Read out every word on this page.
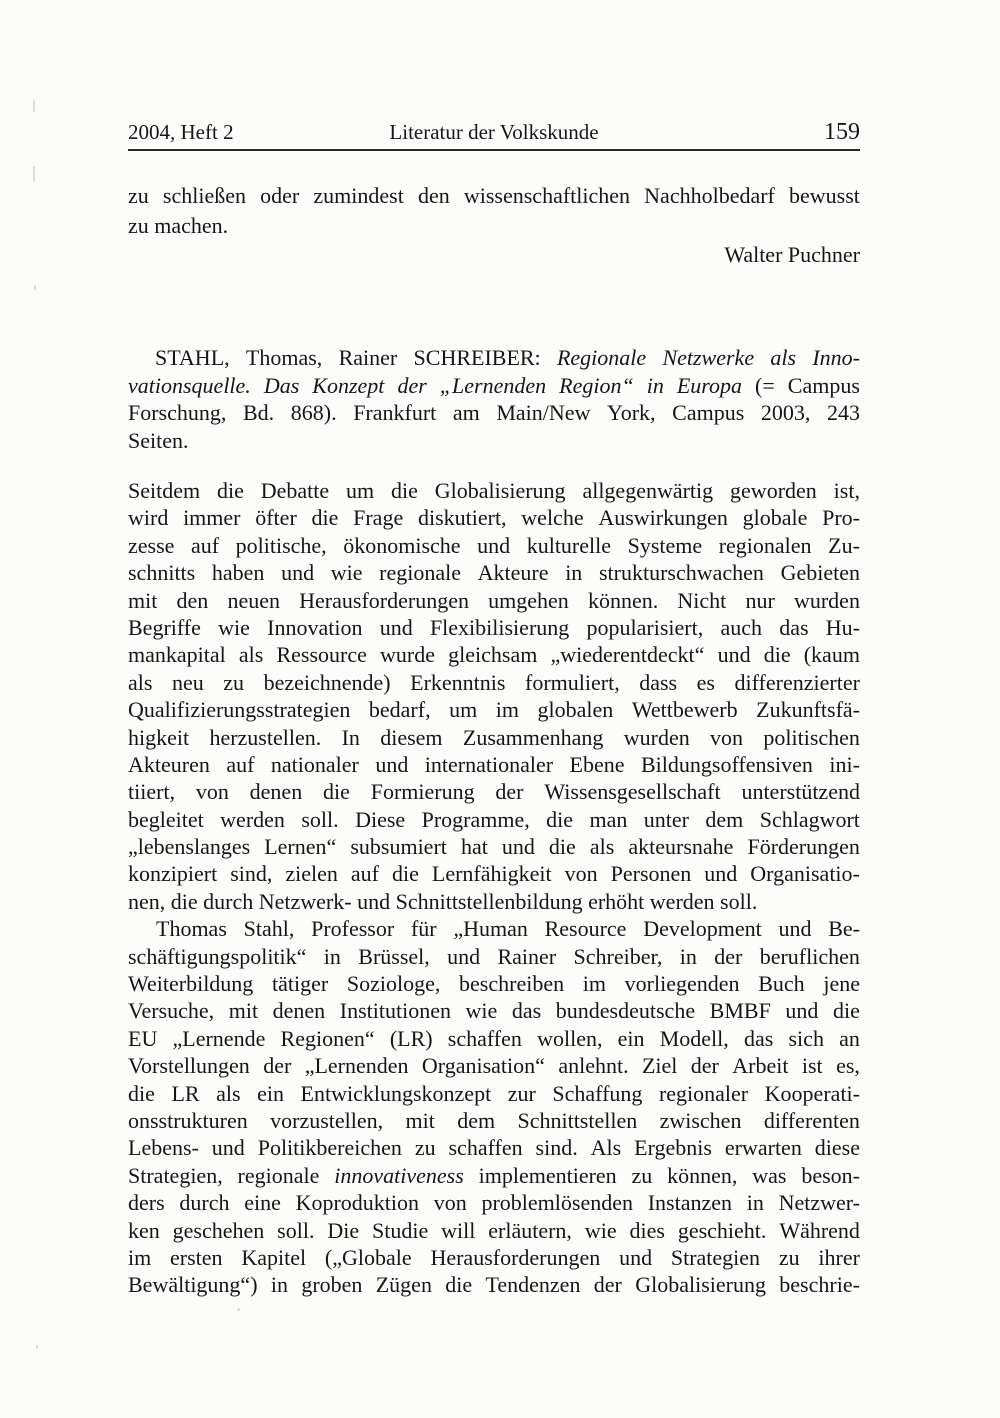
2004, Heft 2	Literatur der Volkskunde	159
zu schließen oder zumindest den wissenschaftlichen Nachholbedarf bewusst
zu machen.
Walter Puchner
STAHL, Thomas, Rainer SCHREIBER: Regionale Netzwerke als Inno-
vationsquelle. Das Konzept der „Lernenden Region“ in Europa (= Campus
Forschung, Bd. 868). Frankfurt am Main/New York, Campus 2003, 243
Seiten.
Seitdem die Debatte um die Globalisierung allgegenwärtig geworden ist,
wird immer öfter die Frage diskutiert, welche Auswirkungen globale Pro-
zesse auf politische, ökonomische und kulturelle Systeme regionalen Zu-
schnitts haben und wie regionale Akteure in strukturschwachen Gebieten
mit den neuen Herausforderungen umgehen können. Nicht nur wurden
Begriffe wie Innovation und Flexibilisierung popularisiert, auch das Hu-
mankapital als Ressource wurde gleichsam „wiederentdeckt“ und die (kaum
als neu zu bezeichnende) Erkenntnis formuliert, dass es differenzierter
Qualifizierungsstrategien bedarf, um im globalen Wettbewerb Zukunftsfä-
higkeit herzustellen. In diesem Zusammenhang wurden von politischen
Akteuren auf nationaler und internationaler Ebene Bildungsoffensiven ini-
tiiert, von denen die Formierung der Wissensgesellschaft unterstützend
begleitet werden soll. Diese Programme, die man unter dem Schlagwort
„lebenslanges Lernen“ subsumiert hat und die als akteursnahe Förderungen
konzipiert sind, zielen auf die Lernfähigkeit von Personen und Organisatio-
nen, die durch Netzwerk- und Schnittstellenbildung erhöht werden soll.
Thomas Stahl, Professor für „Human Resource Development und Be-
schäftigungspolitik“ in Brüssel, und Rainer Schreiber, in der beruflichen
Weiterbildung tätiger Soziologe, beschreiben im vorliegenden Buch jene
Versuche, mit denen Institutionen wie das bundesdeutsche BMBF und die
EU „Lernende Regionen“ (LR) schaffen wollen, ein Modell, das sich an
Vorstellungen der „Lernenden Organisation“ anlehnt. Ziel der Arbeit ist es,
die LR als ein Entwicklungskonzept zur Schaffung regionaler Kooperati-
onsstrukturen vorzustellen, mit dem Schnittstellen zwischen differenten
Lebens- und Politikbereichen zu schaffen sind. Als Ergebnis erwarten diese
Strategien, regionale innovativeness implementieren zu können, was beson-
ders durch eine Koproduktion von problemlösenden Instanzen in Netzwer-
ken geschehen soll. Die Studie will erläutern, wie dies geschieht. Während
im ersten Kapitel („Globale Herausforderungen und Strategien zu ihrer
Bewältigung“) in groben Zügen die Tendenzen der Globalisierung beschrie-
